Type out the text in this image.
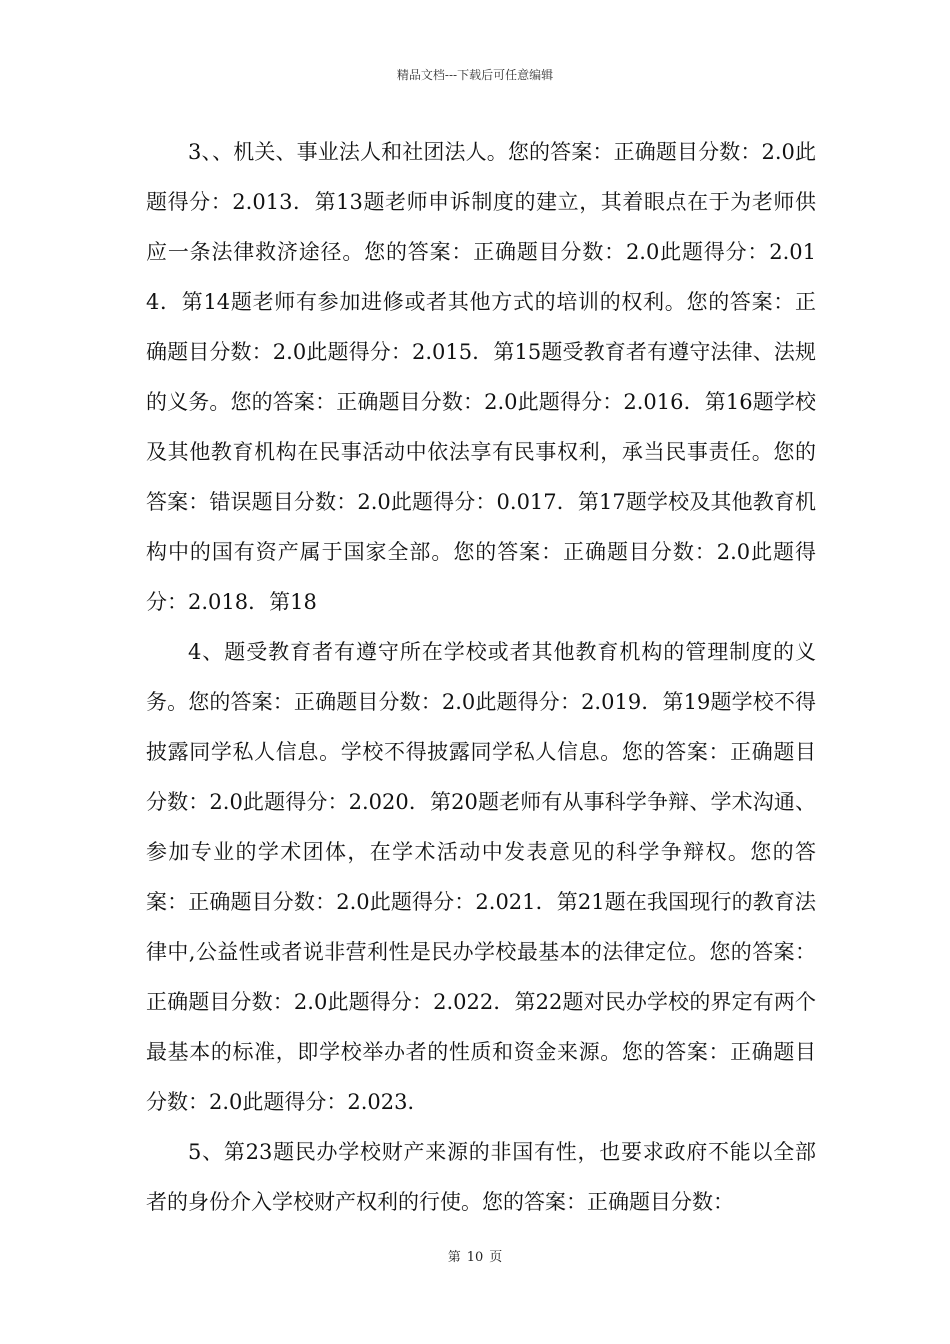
精品文档---下载后可任意编辑

3、、机关、事业法人和社团法人。您的答案：正确题目分数：2.0此题得分：2.013．第13题老师申诉制度的建立，其着眼点在于为老师供应一条法律救济途径。您的答案：正确题目分数：2.0此题得分：2.014．第14题老师有参加进修或者其他方式的培训的权利。您的答案：正确题目分数：2.0此题得分：2.015．第15题受教育者有遵守法律、法规的义务。您的答案：正确题目分数：2.0此题得分：2.016．第16题学校及其他教育机构在民事活动中依法享有民事权利，承当民事责任。您的答案：错误题目分数：2.0此题得分：0.017．第17题学校及其他教育机构中的国有资产属于国家全部。您的答案：正确题目分数：2.0此题得分：2.018．第18

4、题受教育者有遵守所在学校或者其他教育机构的管理制度的义务。您的答案：正确题目分数：2.0此题得分：2.019．第19题学校不得披露同学私人信息。学校不得披露同学私人信息。您的答案：正确题目分数：2.0此题得分：2.020．第20题老师有从事科学争辩、学术沟通、参加专业的学术团体，在学术活动中发表意见的科学争辩权。您的答案：正确题目分数：2.0此题得分：2.021．第21题在我国现行的教育法律中,公益性或者说非营利性是民办学校最基本的法律定位。您的答案：正确题目分数：2.0此题得分：2.022．第22题对民办学校的界定有两个最基本的标准，即学校举办者的性质和资金来源。您的答案：正确题目分数：2.0此题得分：2.023．

5、第23题民办学校财产来源的非国有性，也要求政府不能以全部者的身份介入学校财产权利的行使。您的答案：正确题目分数：

第 10 页
